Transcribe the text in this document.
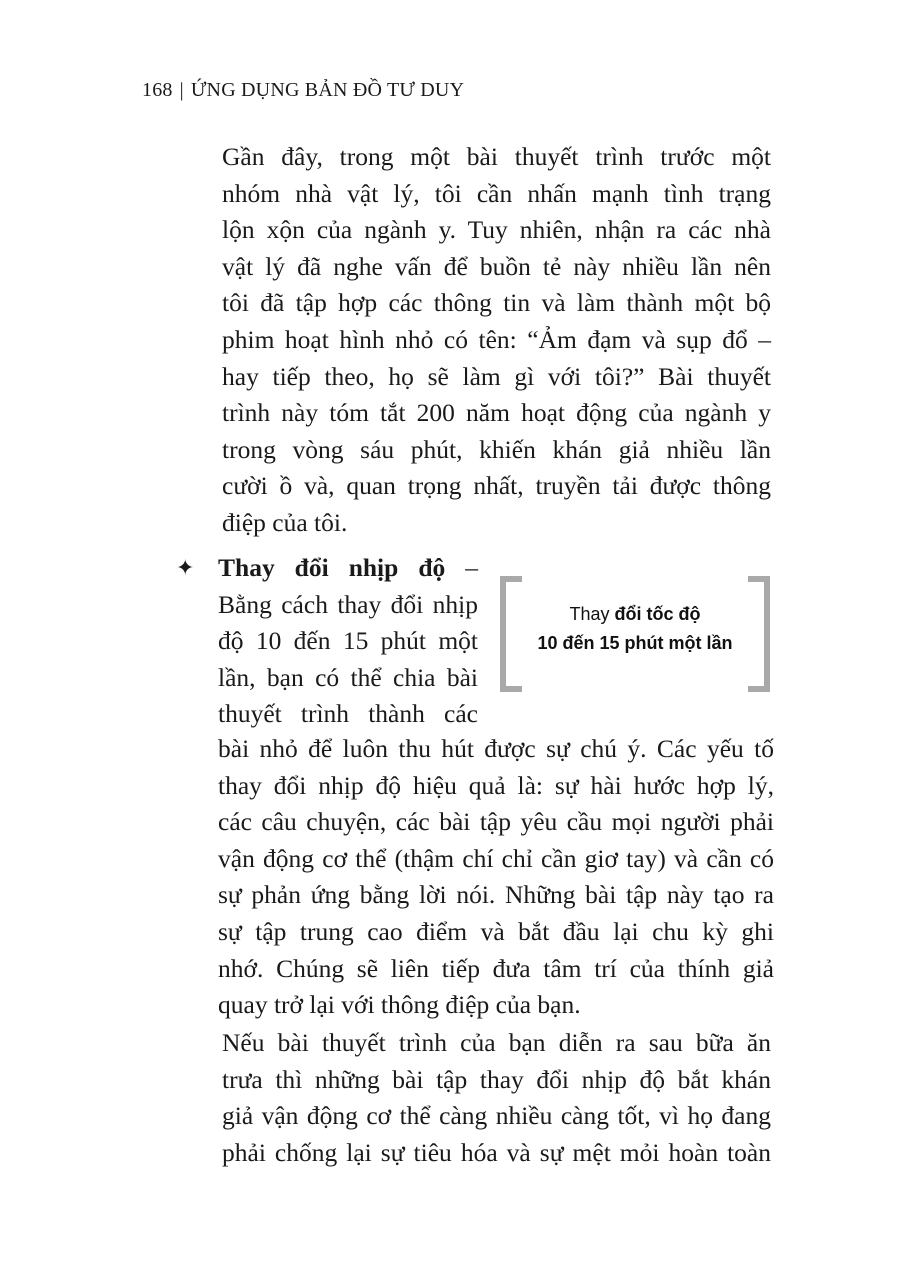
168 | ỨNG DỤNG BẢN ĐỒ TƯ DUY
Gần đây, trong một bài thuyết trình trước một
nhóm nhà vật lý, tôi cần nhấn mạnh tình trạng
lộn xộn của ngành y. Tuy nhiên, nhận ra các nhà
vật lý đã nghe vấn để buồn tẻ này nhiều lần nên
tôi đã tập hợp các thông tin và làm thành một bộ
phim hoạt hình nhỏ có tên: “Ảm đạm và sụp đổ –
hay tiếp theo, họ sẽ làm gì với tôi?” Bài thuyết
trình này tóm tắt 200 năm hoạt động của ngành y
trong vòng sáu phút, khiến khán giả nhiều lần
cười ồ và, quan trọng nhất, truyền tải được thông
điệp của tôi.
✦ Thay đổi nhịp độ –
Bằng cách thay đổi nhịp
độ 10 đến 15 phút một
lần, bạn có thể chia bài
thuyết trình thành các
Thay đổi tốc độ
10 đến 15 phút một lần
bài nhỏ để luôn thu hút được sự chú ý. Các yếu tố
thay đổi nhịp độ hiệu quả là: sự hài hước hợp lý,
các câu chuyện, các bài tập yêu cầu mọi người phải
vận động cơ thể (thậm chí chỉ cần giơ tay) và cần có
sự phản ứng bằng lời nói. Những bài tập này tạo ra
sự tập trung cao điểm và bắt đầu lại chu kỳ ghi
nhớ. Chúng sẽ liên tiếp đưa tâm trí của thính giả
quay trở lại với thông điệp của bạn.
Nếu bài thuyết trình của bạn diễn ra sau bữa ăn
trưa thì những bài tập thay đổi nhịp độ bắt khán
giả vận động cơ thể càng nhiều càng tốt, vì họ đang
phải chống lại sự tiêu hóa và sự mệt mỏi hoàn toàn
